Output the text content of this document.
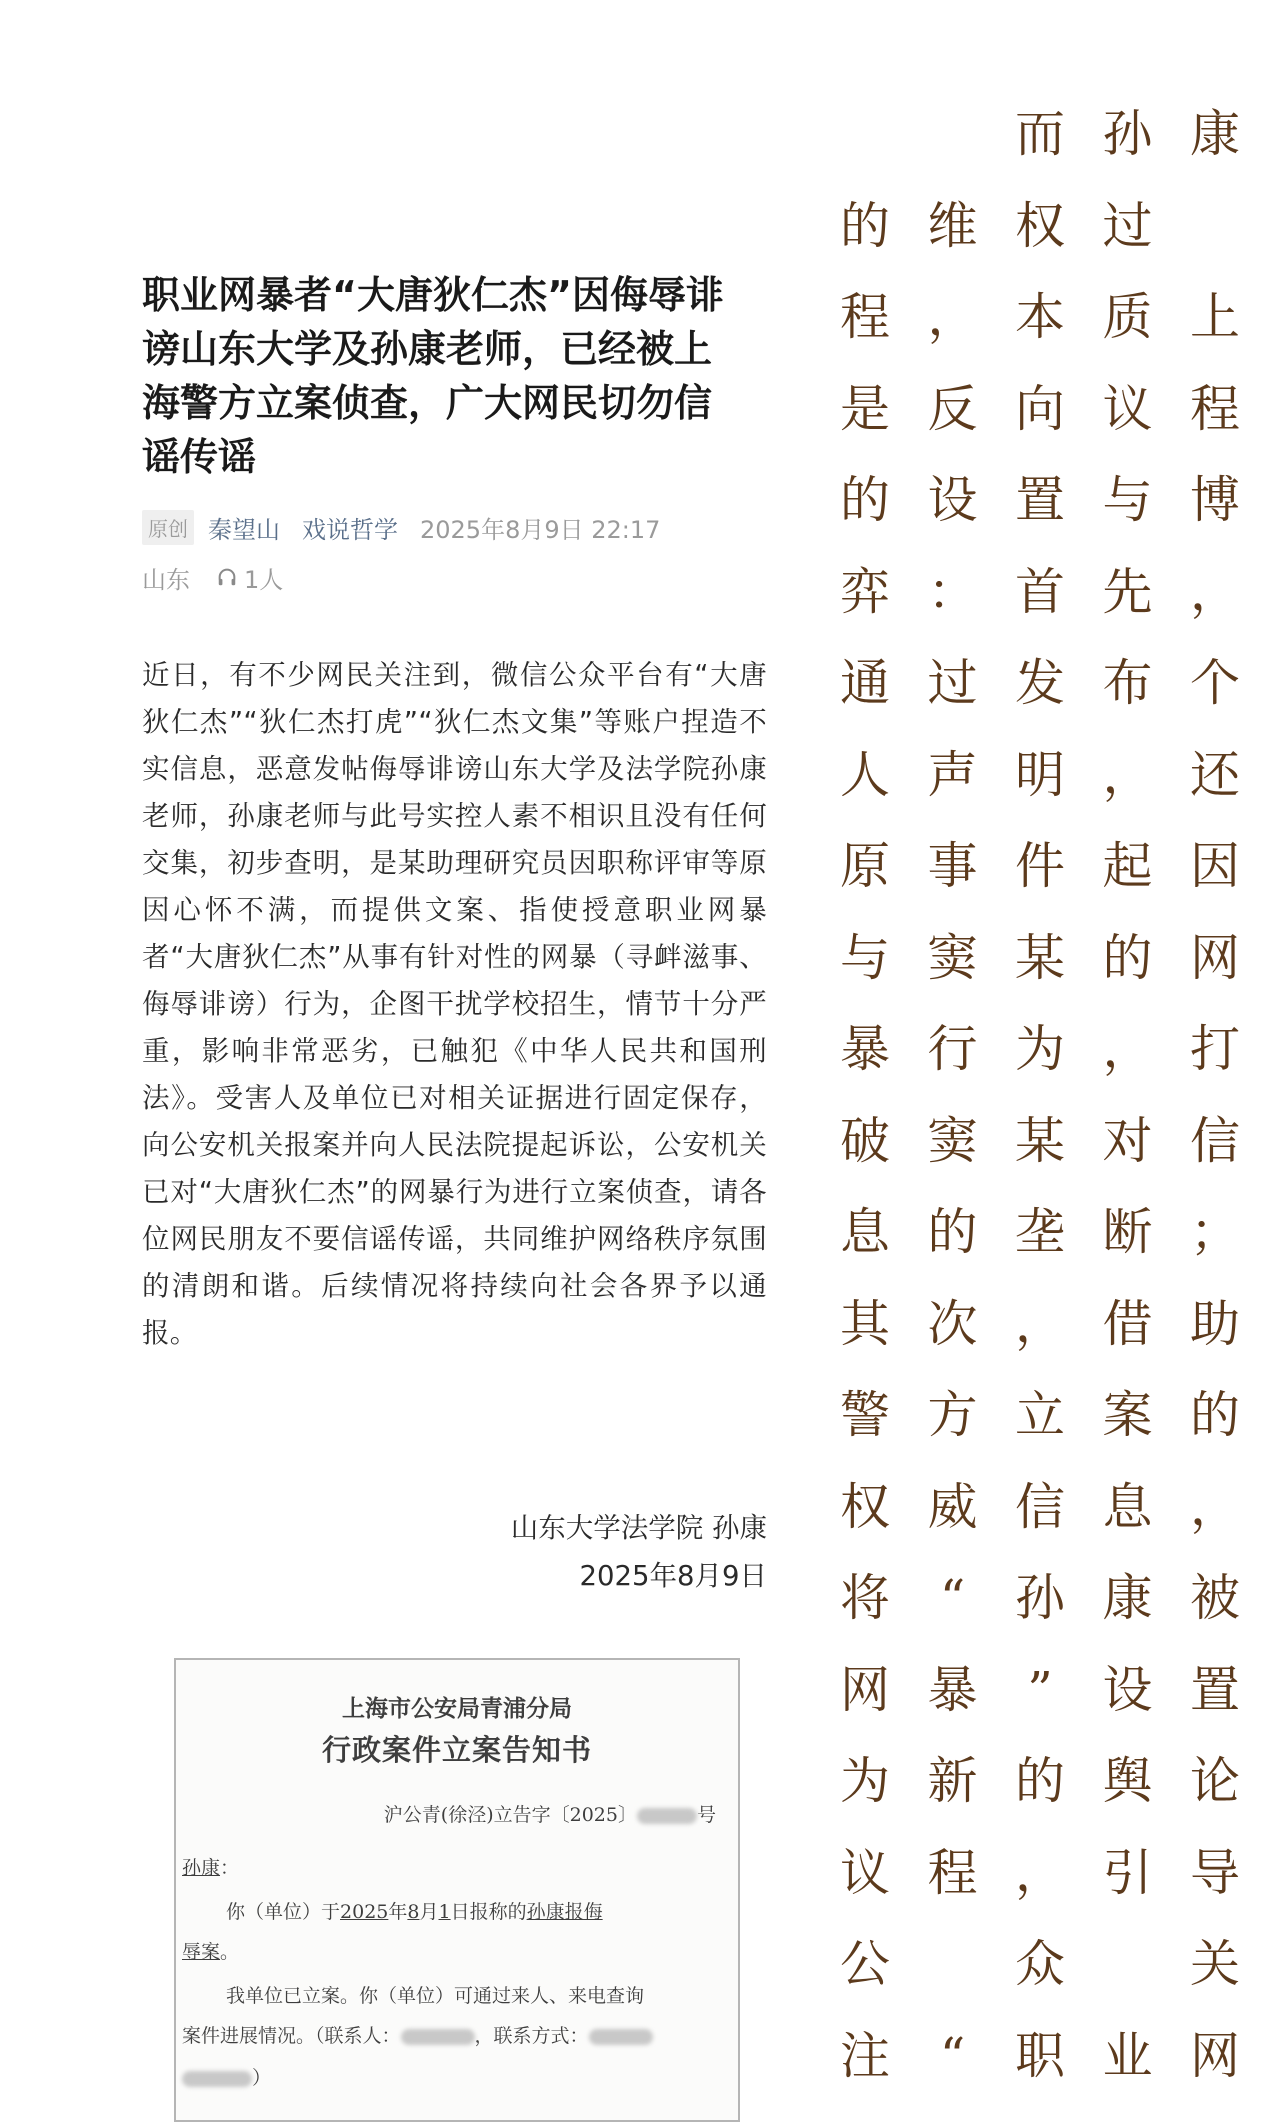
职业网暴者“大唐狄仁杰”因侮辱诽谤山东大学及孙康老师，已经被上海警方立案侦查，广大网民切勿信谣传谣
原创 秦望山 戏说哲学 2025年8月9日 22:17
山东 1人

近日，有不少网民关注到，微信公众平台有“大唐狄仁杰”“狄仁杰打虎”“狄仁杰文集”等账户捏造不实信息，恶意发帖侮辱诽谤山东大学及法学院孙康老师，孙康老师与此号实控人素不相识且没有任何交集，初步查明，是某助理研究员因职称评审等原因心怀不满，而提供文案、指使授意职业网暴者“大唐狄仁杰”从事有针对性的网暴（寻衅滋事、侮辱诽谤）行为，企图干扰学校招生，情节十分严重，影响非常恶劣，已触犯《中华人民共和国刑法》。受害人及单位已对相关证据进行固定保存，向公安机关报案并向人民法院提起诉讼，公安机关已对“大唐狄仁杰”的网暴行为进行立案侦查，请各位网民朋友不要信谣传谣，共同维护网络秩序氛围的清朗和谐。后续情况将持续向社会各界予以通报。

山东大学法学院 孙康
2025年8月9日
上海市公安局青浦分局
行政案件立案告知书
沪公青(徐泾)立告字〔2025〕	号
孙康：
你（单位）于2025年8月1日报称的孙康报侮
辱案。
我单位已立案。你（单位）可通过来人、来电查询
案件进展情况。（联系人：	，联系方式：
）
而 孙 康
的 维 权 过
程 ， 本 质 上
是 反 向 议 程
的 设 置 与 博
弈 ： 首 先 ，
通 过 发 布 个
人 声 明 ， 还
原 事 件 起 因
与 窦 某 的 网
暴 行 为 ， 打
破 窦 某 对 信
息 的 垄 断 ；
其 次 ， 借 助
警 方 立 案 的
权 威 信 息 ，
将 “ 孙 康 被
网 暴 ” 设 置
为 新 的 舆 论
议 程 ， 引 导
公	众	关
注 “ 职 业 网
